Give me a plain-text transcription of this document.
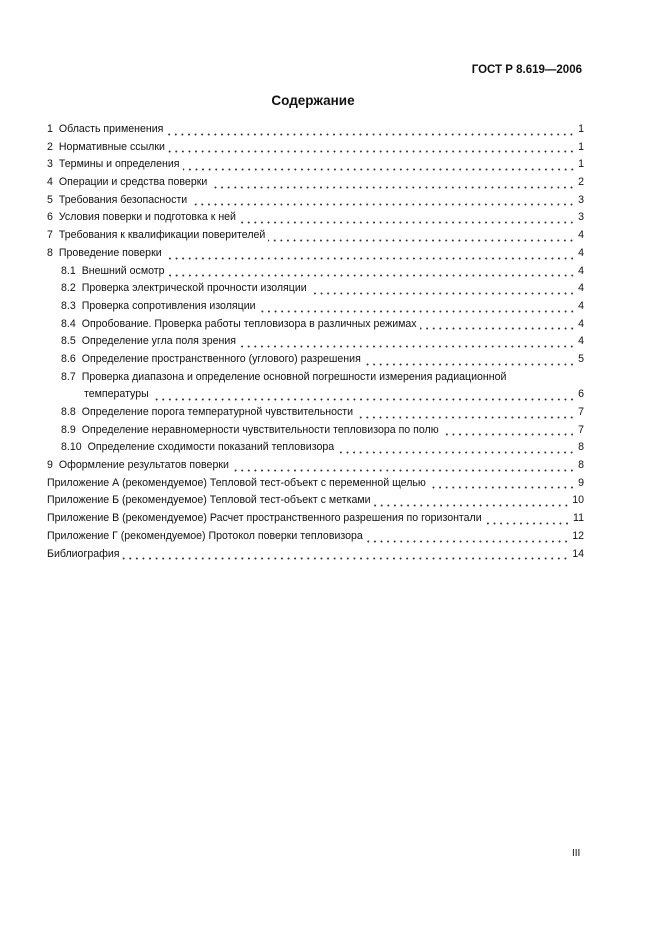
ГОСТ Р 8.619—2006
Содержание
1 Область применения	1
2 Нормативные ссылки	1
3 Термины и определения	1
4 Операции и средства поверки	2
5 Требования безопасности	3
6 Условия поверки и подготовка к ней	3
7 Требования к квалификации поверителей	4
8 Проведение поверки	4
8.1 Внешний осмотр	4
8.2 Проверка электрической прочности изоляции	4
8.3 Проверка сопротивления изоляции	4
8.4 Опробование. Проверка работы тепловизора в различных режимах	4
8.5 Определение угла поля зрения	4
8.6 Определение пространственного (углового) разрешения	5
8.7 Проверка диапазона и определение основной погрешности измерения радиационной
температуры	6
8.8 Определение порога температурной чувствительности	7
8.9 Определение неравномерности чувствительности тепловизора по полю	7
8.10 Определение сходимости показаний тепловизора	8
9 Оформление результатов поверки	8
Приложение А (рекомендуемое) Тепловой тест-объект с переменной щелью	9
Приложение Б (рекомендуемое) Тепловой тест-объект с метками	10
Приложение В (рекомендуемое) Расчет пространственного разрешения по горизонтали	11
Приложение Г (рекомендуемое) Протокол поверки тепловизора	12
Библиография	14
III
